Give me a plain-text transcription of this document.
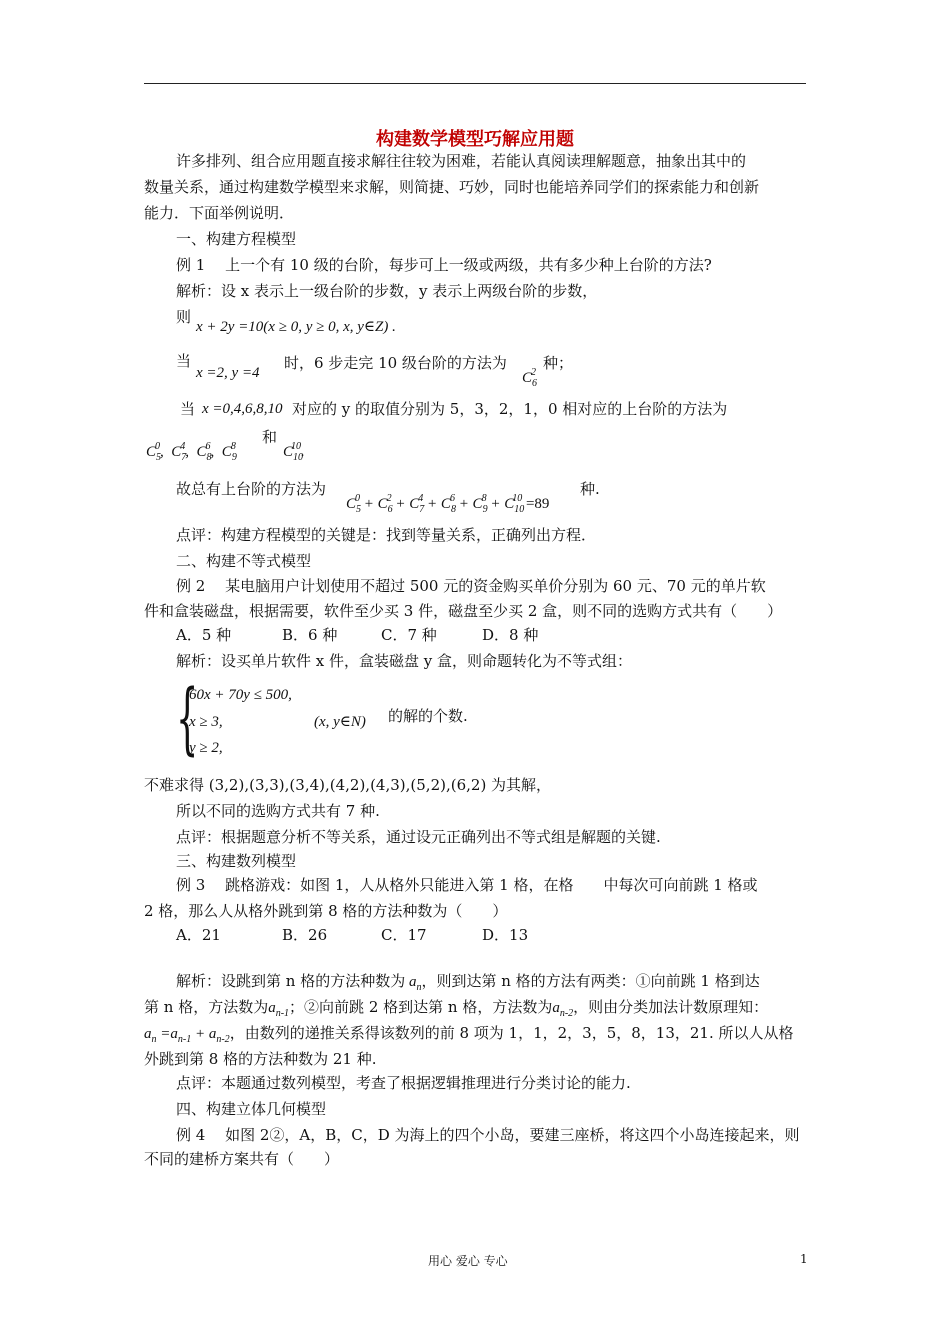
构建数学模型巧解应用题
许多排列、组合应用题直接求解往往较为困难，若能认真阅读理解题意，抽象出其中的
数量关系，通过构建数学模型来求解，则简捷、巧妙，同时也能培养同学们的探索能力和创新
能力．下面举例说明．
一、构建方程模型
例 1　 上一个有 10 级的台阶，每步可上一级或两级，共有多少种上台阶的方法?
解析：设 x 表示上一级台阶的步数，y 表示上两级台阶的步数，
则
x + 2y =10(x ≥ 0, y ≥ 0, x, y∈Z) .
当
x =2, y =4
时，6 步走完 10 级台阶的方法为
$C_6^2$
种；
当 x =0,4,6,8,10 对应的 y 的取值分别为 5，3，2，1，0 相对应的上台阶的方法为
$C_5^0$,  $C_7^4$,  $C_8^6$,  $C_9^8$
和
$C_{10}^{10}$.
故总有上台阶的方法为
$C_5^0 + C_6^2 + C_7^4 + C_8^6 + C_9^8 + C_{10}^{10} =89$
种.
点评：构建方程模型的关键是：找到等量关系，正确列出方程．
二、构建不等式模型
例 2　 某电脑用户计划使用不超过 500 元的资金购买单价分别为 60 元、70 元的单片软
件和盒装磁盘，根据需要，软件至少买 3 件，磁盘至少买 2 盒，则不同的选购方式共有（　　）
A．5 种	B．6 种	C．7 种	D．8 种
解析：设买单片软件 x 件，盒装磁盘 y 盒，则命题转化为不等式组：
{
60x + 70y ≤ 500,
x ≥ 3,
y ≥ 2,
(x, y∈N) 的解的个数.
不难求得 (3,2),(3,3),(3,4),(4,2),(4,3),(5,2),(6,2) 为其解，
所以不同的选购方式共有 7 种.
点评：根据题意分析不等关系，通过设元正确列出不等式组是解题的关键.
三、构建数列模型
例 3　 跳格游戏：如图 1，人从格外只能进入第 1 格，在格　　中每次可向前跳 1 格或
2 格，那么人从格外跳到第 8 格的方法种数为（　　）
A．21	B．26	C．17	D．13
解析：设跳到第 n 格的方法种数为 $a_n$，则到达第 n 格的方法有两类：①向前跳 1 格到达
第 n 格，方法数为$a_{n-1}$；②向前跳 2 格到达第 n 格，方法数为$a_{n-2}$，则由分类加法计数原理知：
$a_n =a_{n-1} + a_{n-2}$，由数列的递推关系得该数列的前 8 项为 1，1，2，3，5，8，13，21. 所以人从格
外跳到第 8 格的方法种数为 21 种.
点评：本题通过数列模型，考查了根据逻辑推理进行分类讨论的能力.
四、构建立体几何模型
例 4　 如图 2②，A，B，C，D 为海上的四个小岛，要建三座桥，将这四个小岛连接起来，则
不同的建桥方案共有（　　）
用心 爱心 专心	1
